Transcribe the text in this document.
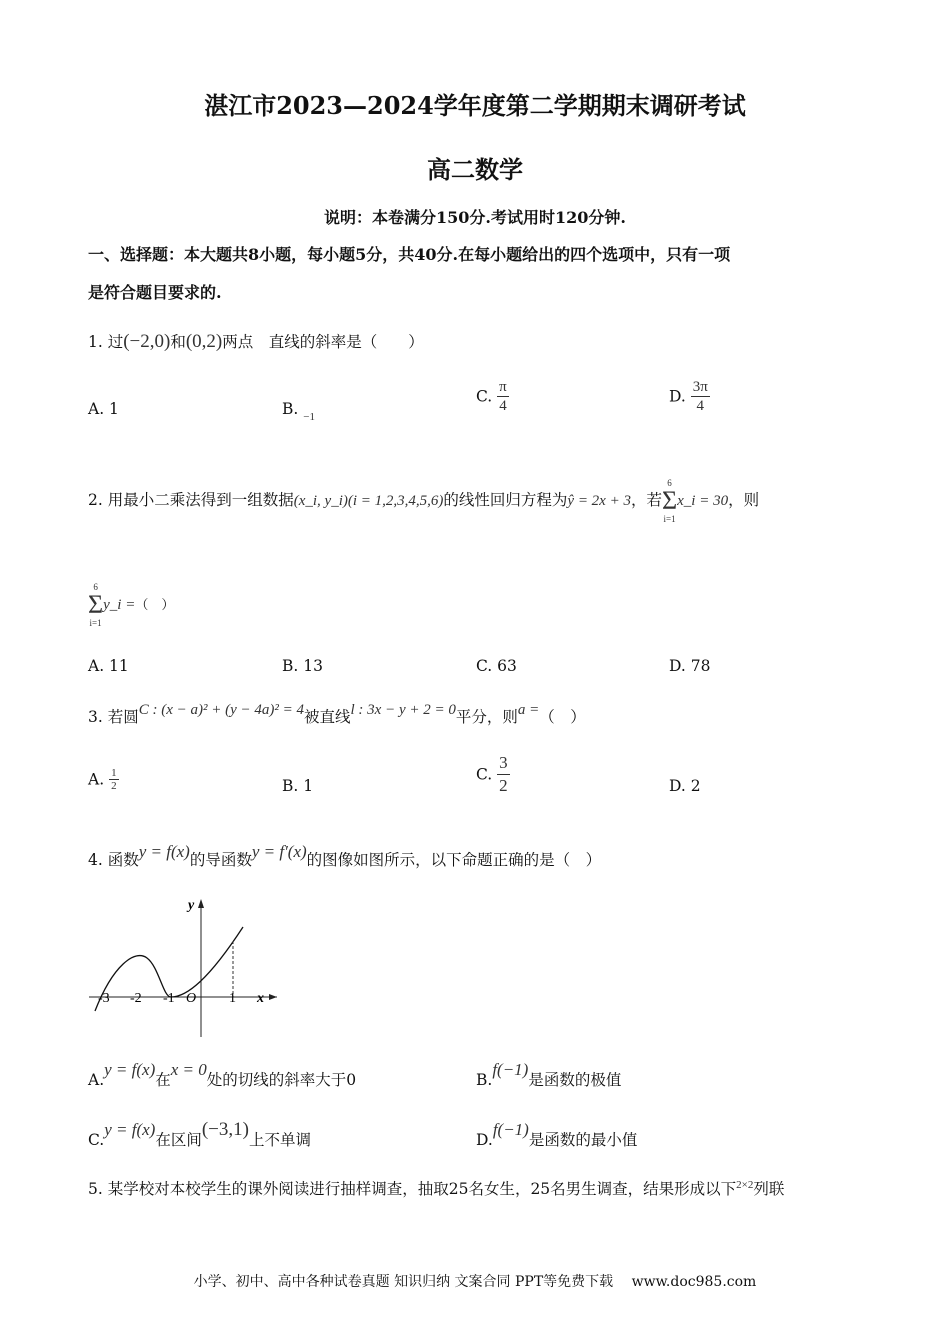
湛江市2023—2024学年度第二学期期末调研考试
高二数学
说明：本卷满分150分.考试用时120分钟.
一、选择题：本大题共8小题，每小题5分，共40分.在每小题给出的四个选项中，只有一项
是符合题目要求的.
1. 过(−2,0)和(0,2)两点　直线的斜率是（　　）
A. 1	B. $_{-1}$
C. $\frac{\pi}{4}$	D. $\frac{3\pi}{4}$
2. 用最小二乘法得到一组数据(x_i, y_i)(i = 1,2,3,4,5,6)的线性回归方程为ŷ = 2x + 3，若
6
Σ
i=1
x_i = 30，则
6
Σ
i=1
y_i =（　）
A. 11	B. 13	C. 63	D. 78
3. 若圆C : (x − a)² + (y − 4a)² = 4被直线l : 3x − y + 2 = 0平分，则a =（　）
A. $\frac{1}{2}$	B. 1
C. $\frac{3}{2}$	D. 2
4. 函数y = f(x)的导函数y = f′(x)的图像如图所示，以下命题正确的是（　）
y
x
O
-3 -2 -1	1
A.y = f(x)在x = 0处的切线的斜率大于0	B.f(−1)是函数的极值
C.y = f(x)在区间(−3,1)上不单调	D.f(−1)是函数的最小值
5. 某学校对本校学生的课外阅读进行抽样调查，抽取25名女生，25名男生调查，结果形成以下$^{2\times 2}$列联
小学、初中、高中各种试卷真题 知识归纳 文案合同 PPT等免费下载　 www.doc985.com
